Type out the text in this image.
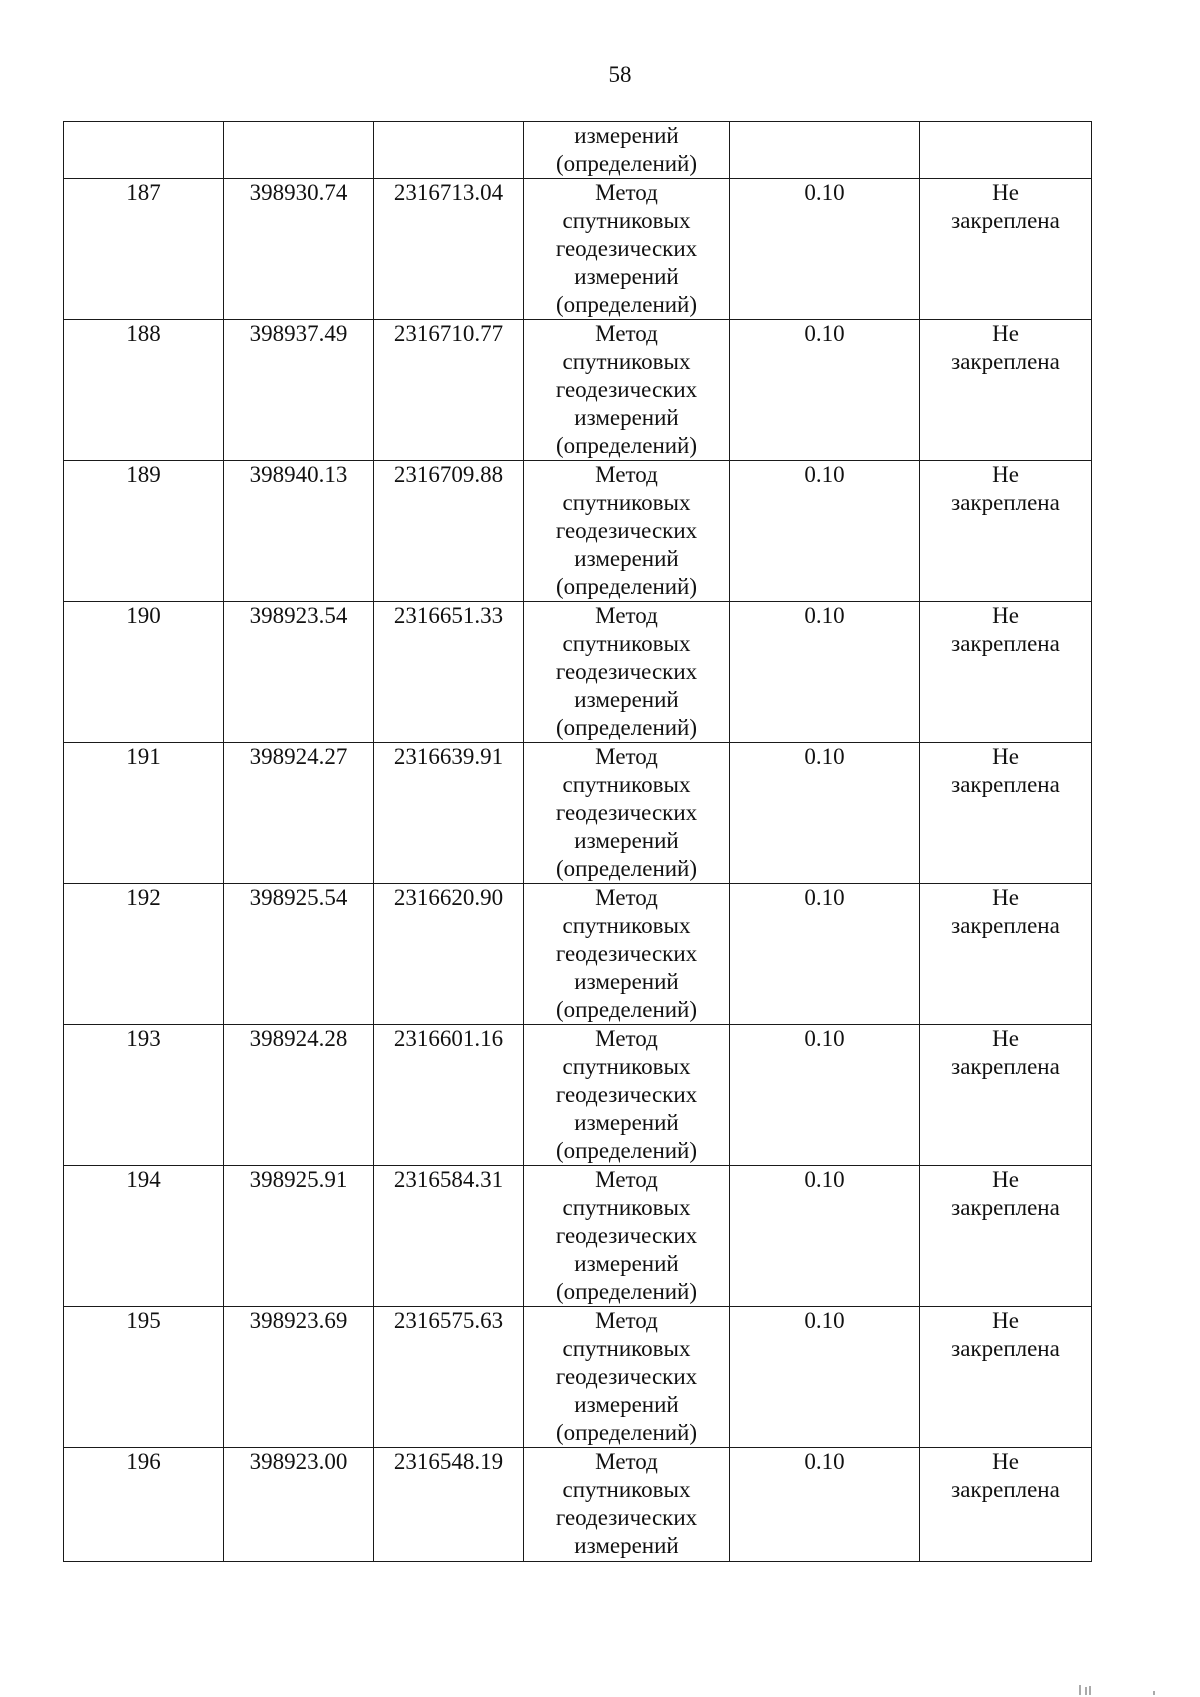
58

			измерений
(определений)		

187	398930.74	2316713.04	Метод
спутниковых
геодезических
измерений
(определений)	0.10	Не
закреплена

188	398937.49	2316710.77	Метод
спутниковых
геодезических
измерений
(определений)	0.10	Не
закреплена

189	398940.13	2316709.88	Метод
спутниковых
геодезических
измерений
(определений)	0.10	Не
закреплена

190	398923.54	2316651.33	Метод
спутниковых
геодезических
измерений
(определений)	0.10	Не
закреплена

191	398924.27	2316639.91	Метод
спутниковых
геодезических
измерений
(определений)	0.10	Не
закреплена

192	398925.54	2316620.90	Метод
спутниковых
геодезических
измерений
(определений)	0.10	Не
закреплена

193	398924.28	2316601.16	Метод
спутниковых
геодезических
измерений
(определений)	0.10	Не
закреплена

194	398925.91	2316584.31	Метод
спутниковых
геодезических
измерений
(определений)	0.10	Не
закреплена

195	398923.69	2316575.63	Метод
спутниковых
геодезических
измерений
(определений)	0.10	Не
закреплена

196	398923.00	2316548.19	Метод
спутниковых
геодезических
измерений	0.10	Не
закреплена
